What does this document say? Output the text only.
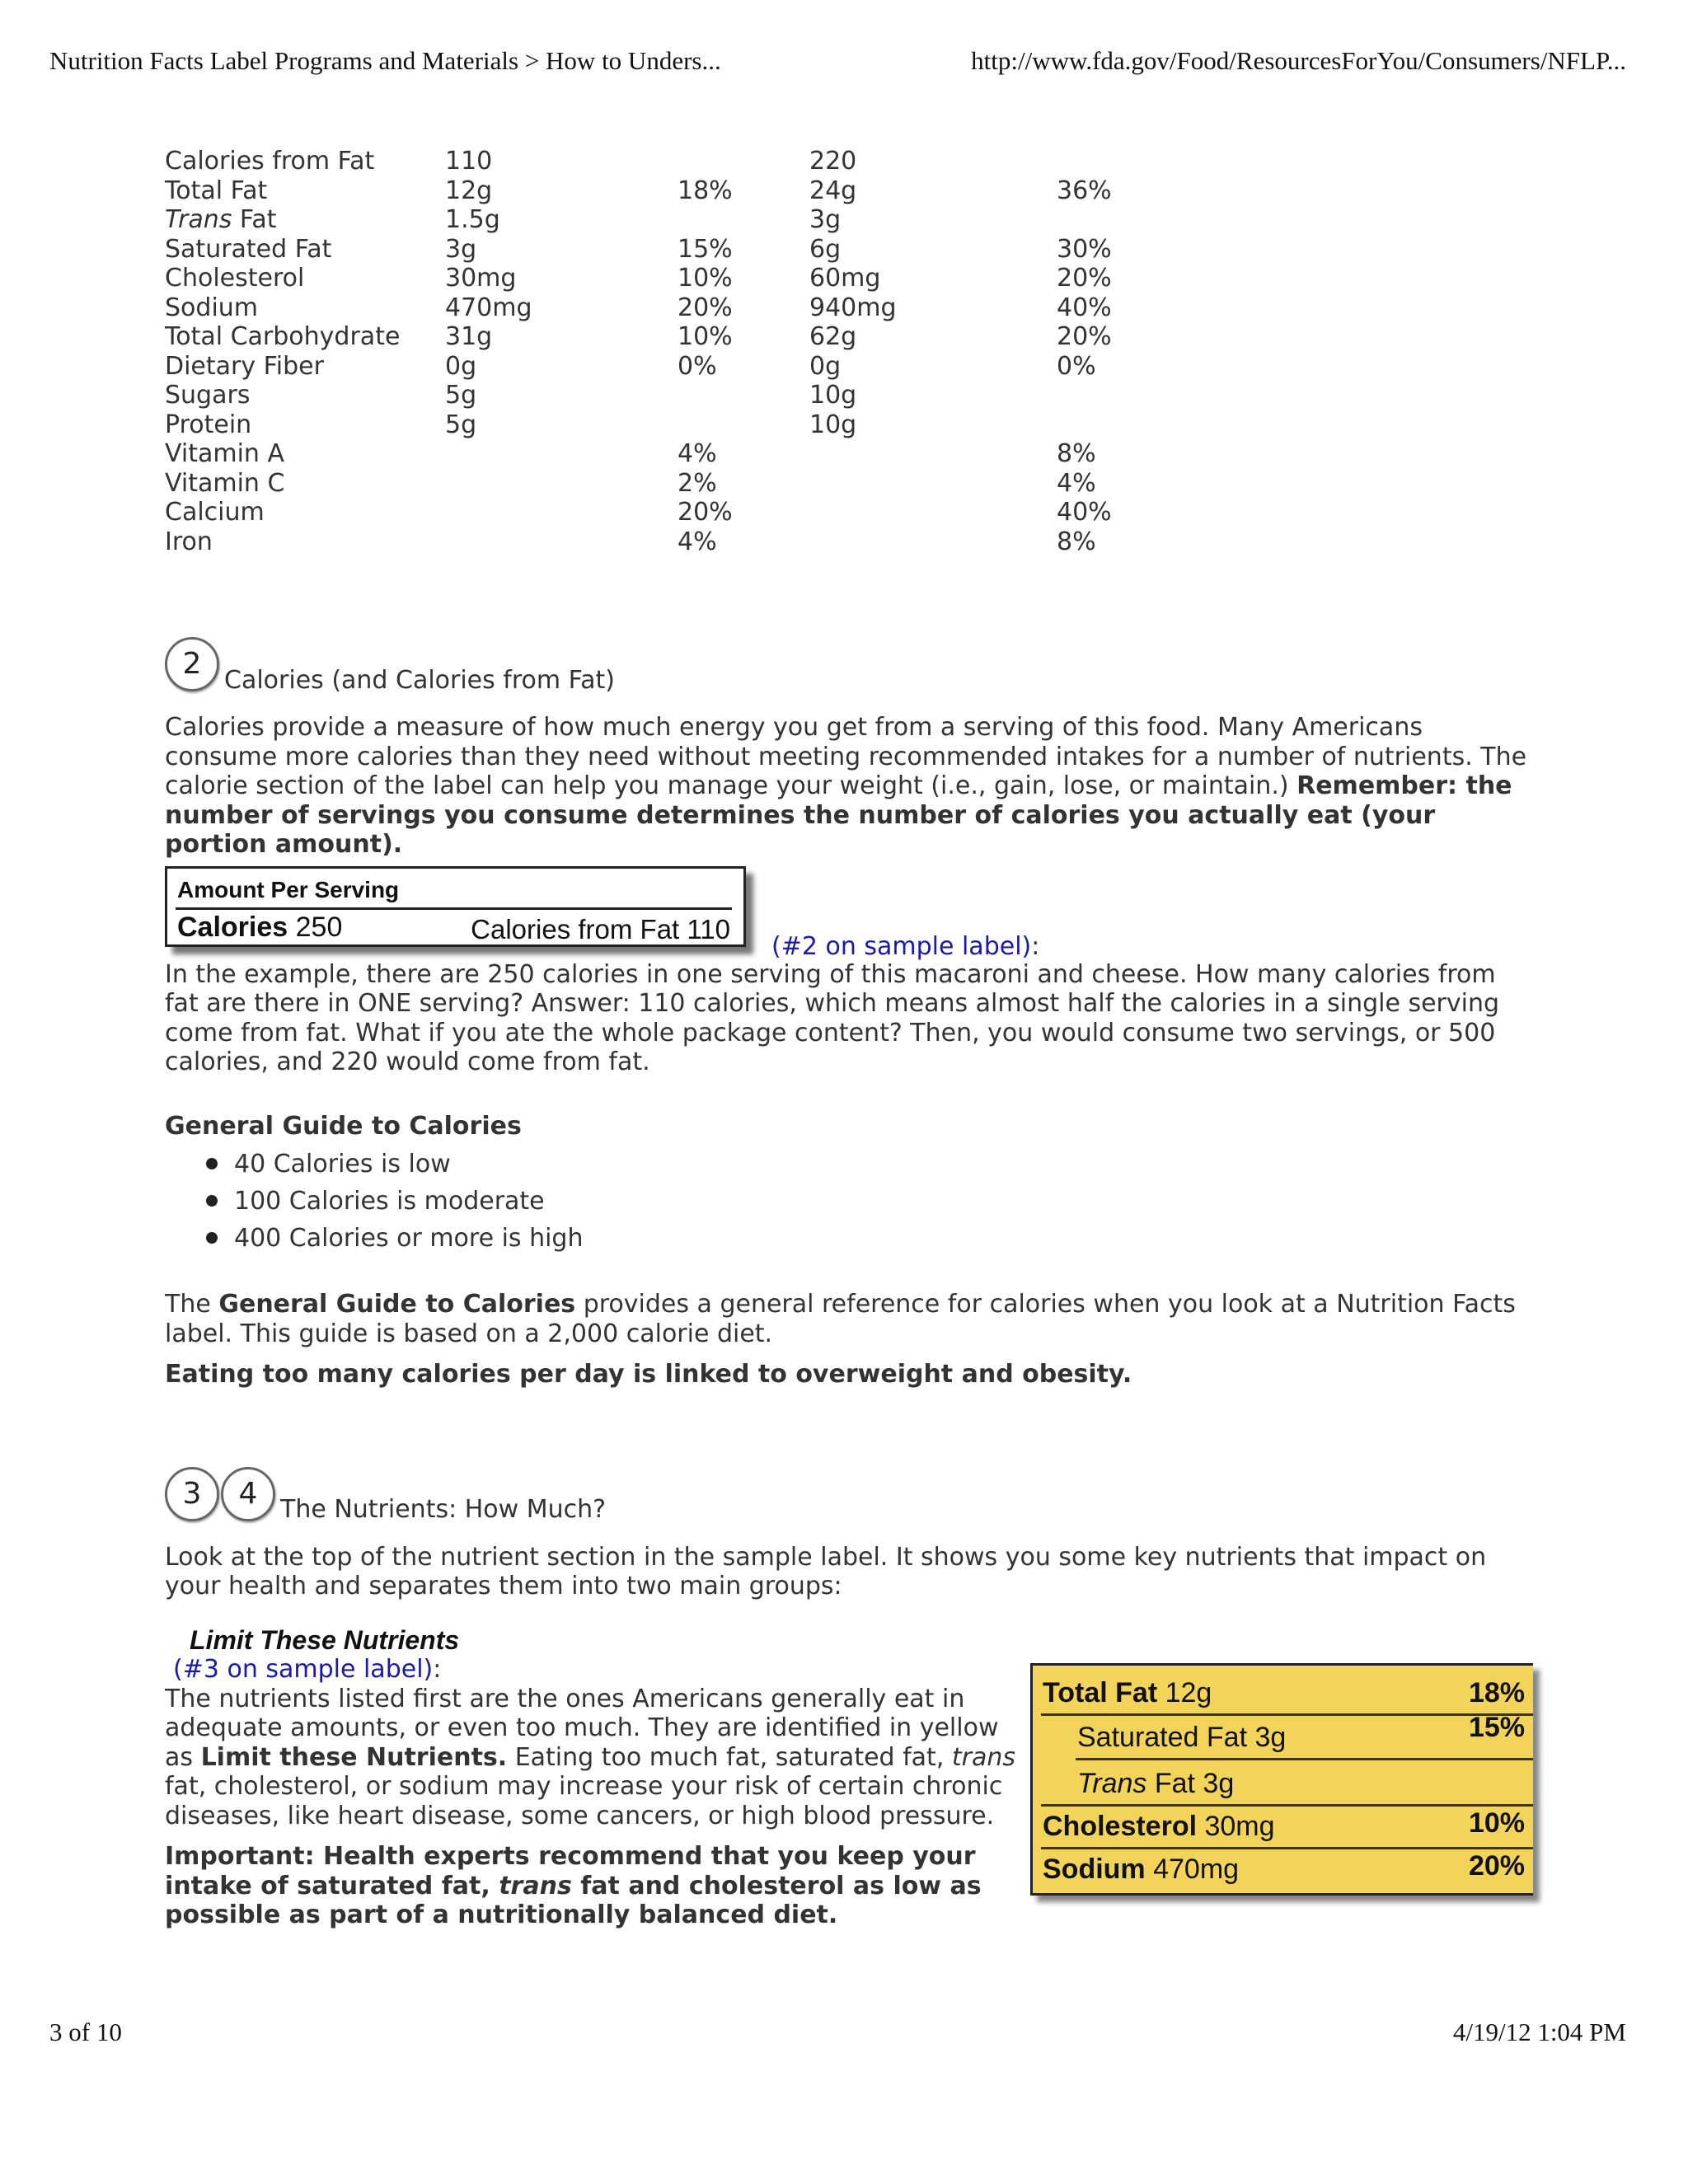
Nutrition Facts Label Programs and Materials > How to Unders...	http://www.fda.gov/Food/ResourcesForYou/Consumers/NFLP...
Calories from Fat	110		220	
Total Fat	12g	18%	24g	36%
Trans Fat	1.5g		3g	
Saturated Fat	3g	15%	6g	30%
Cholesterol	30mg	10%	60mg	20%
Sodium	470mg	20%	940mg	40%
Total Carbohydrate	31g	10%	62g	20%
Dietary Fiber	0g	0%	0g	0%
Sugars	5g		10g	
Protein	5g		10g	
Vitamin A		4%		8%
Vitamin C		2%		4%
Calcium		20%		40%
Iron		4%		8%
2 Calories (and Calories from Fat)

Calories provide a measure of how much energy you get from a serving of this food. Many Americans consume more calories than they need without meeting recommended intakes for a number of nutrients. The calorie section of the label can help you manage your weight (i.e., gain, lose, or maintain.) Remember: the number of servings you consume determines the number of calories you actually eat (your portion amount).

Amount Per Serving
Calories 250	Calories from Fat 110
(#2 on sample label):

In the example, there are 250 calories in one serving of this macaroni and cheese. How many calories from fat are there in ONE serving? Answer: 110 calories, which means almost half the calories in a single serving come from fat. What if you ate the whole package content? Then, you would consume two servings, or 500 calories, and 220 would come from fat.

General Guide to Calories

40 Calories is low
100 Calories is moderate
400 Calories or more is high

The General Guide to Calories provides a general reference for calories when you look at a Nutrition Facts label. This guide is based on a 2,000 calorie diet.

Eating too many calories per day is linked to overweight and obesity.

3 4 The Nutrients: How Much?

Look at the top of the nutrient section in the sample label. It shows you some key nutrients that impact on your health and separates them into two main groups:

Limit These Nutrients
(#3 on sample label):

The nutrients listed first are the ones Americans generally eat in adequate amounts, or even too much. They are identified in yellow as Limit these Nutrients. Eating too much fat, saturated fat, trans fat, cholesterol, or sodium may increase your risk of certain chronic diseases, like heart disease, some cancers, or high blood pressure.

Important: Health experts recommend that you keep your intake of saturated fat, trans fat and cholesterol as low as possible as part of a nutritionally balanced diet.

Total Fat 12g	18%
Saturated Fat 3g	15%
Trans Fat 3g
Cholesterol 30mg	10%
Sodium 470mg	20%
3 of 10	4/19/12 1:04 PM
